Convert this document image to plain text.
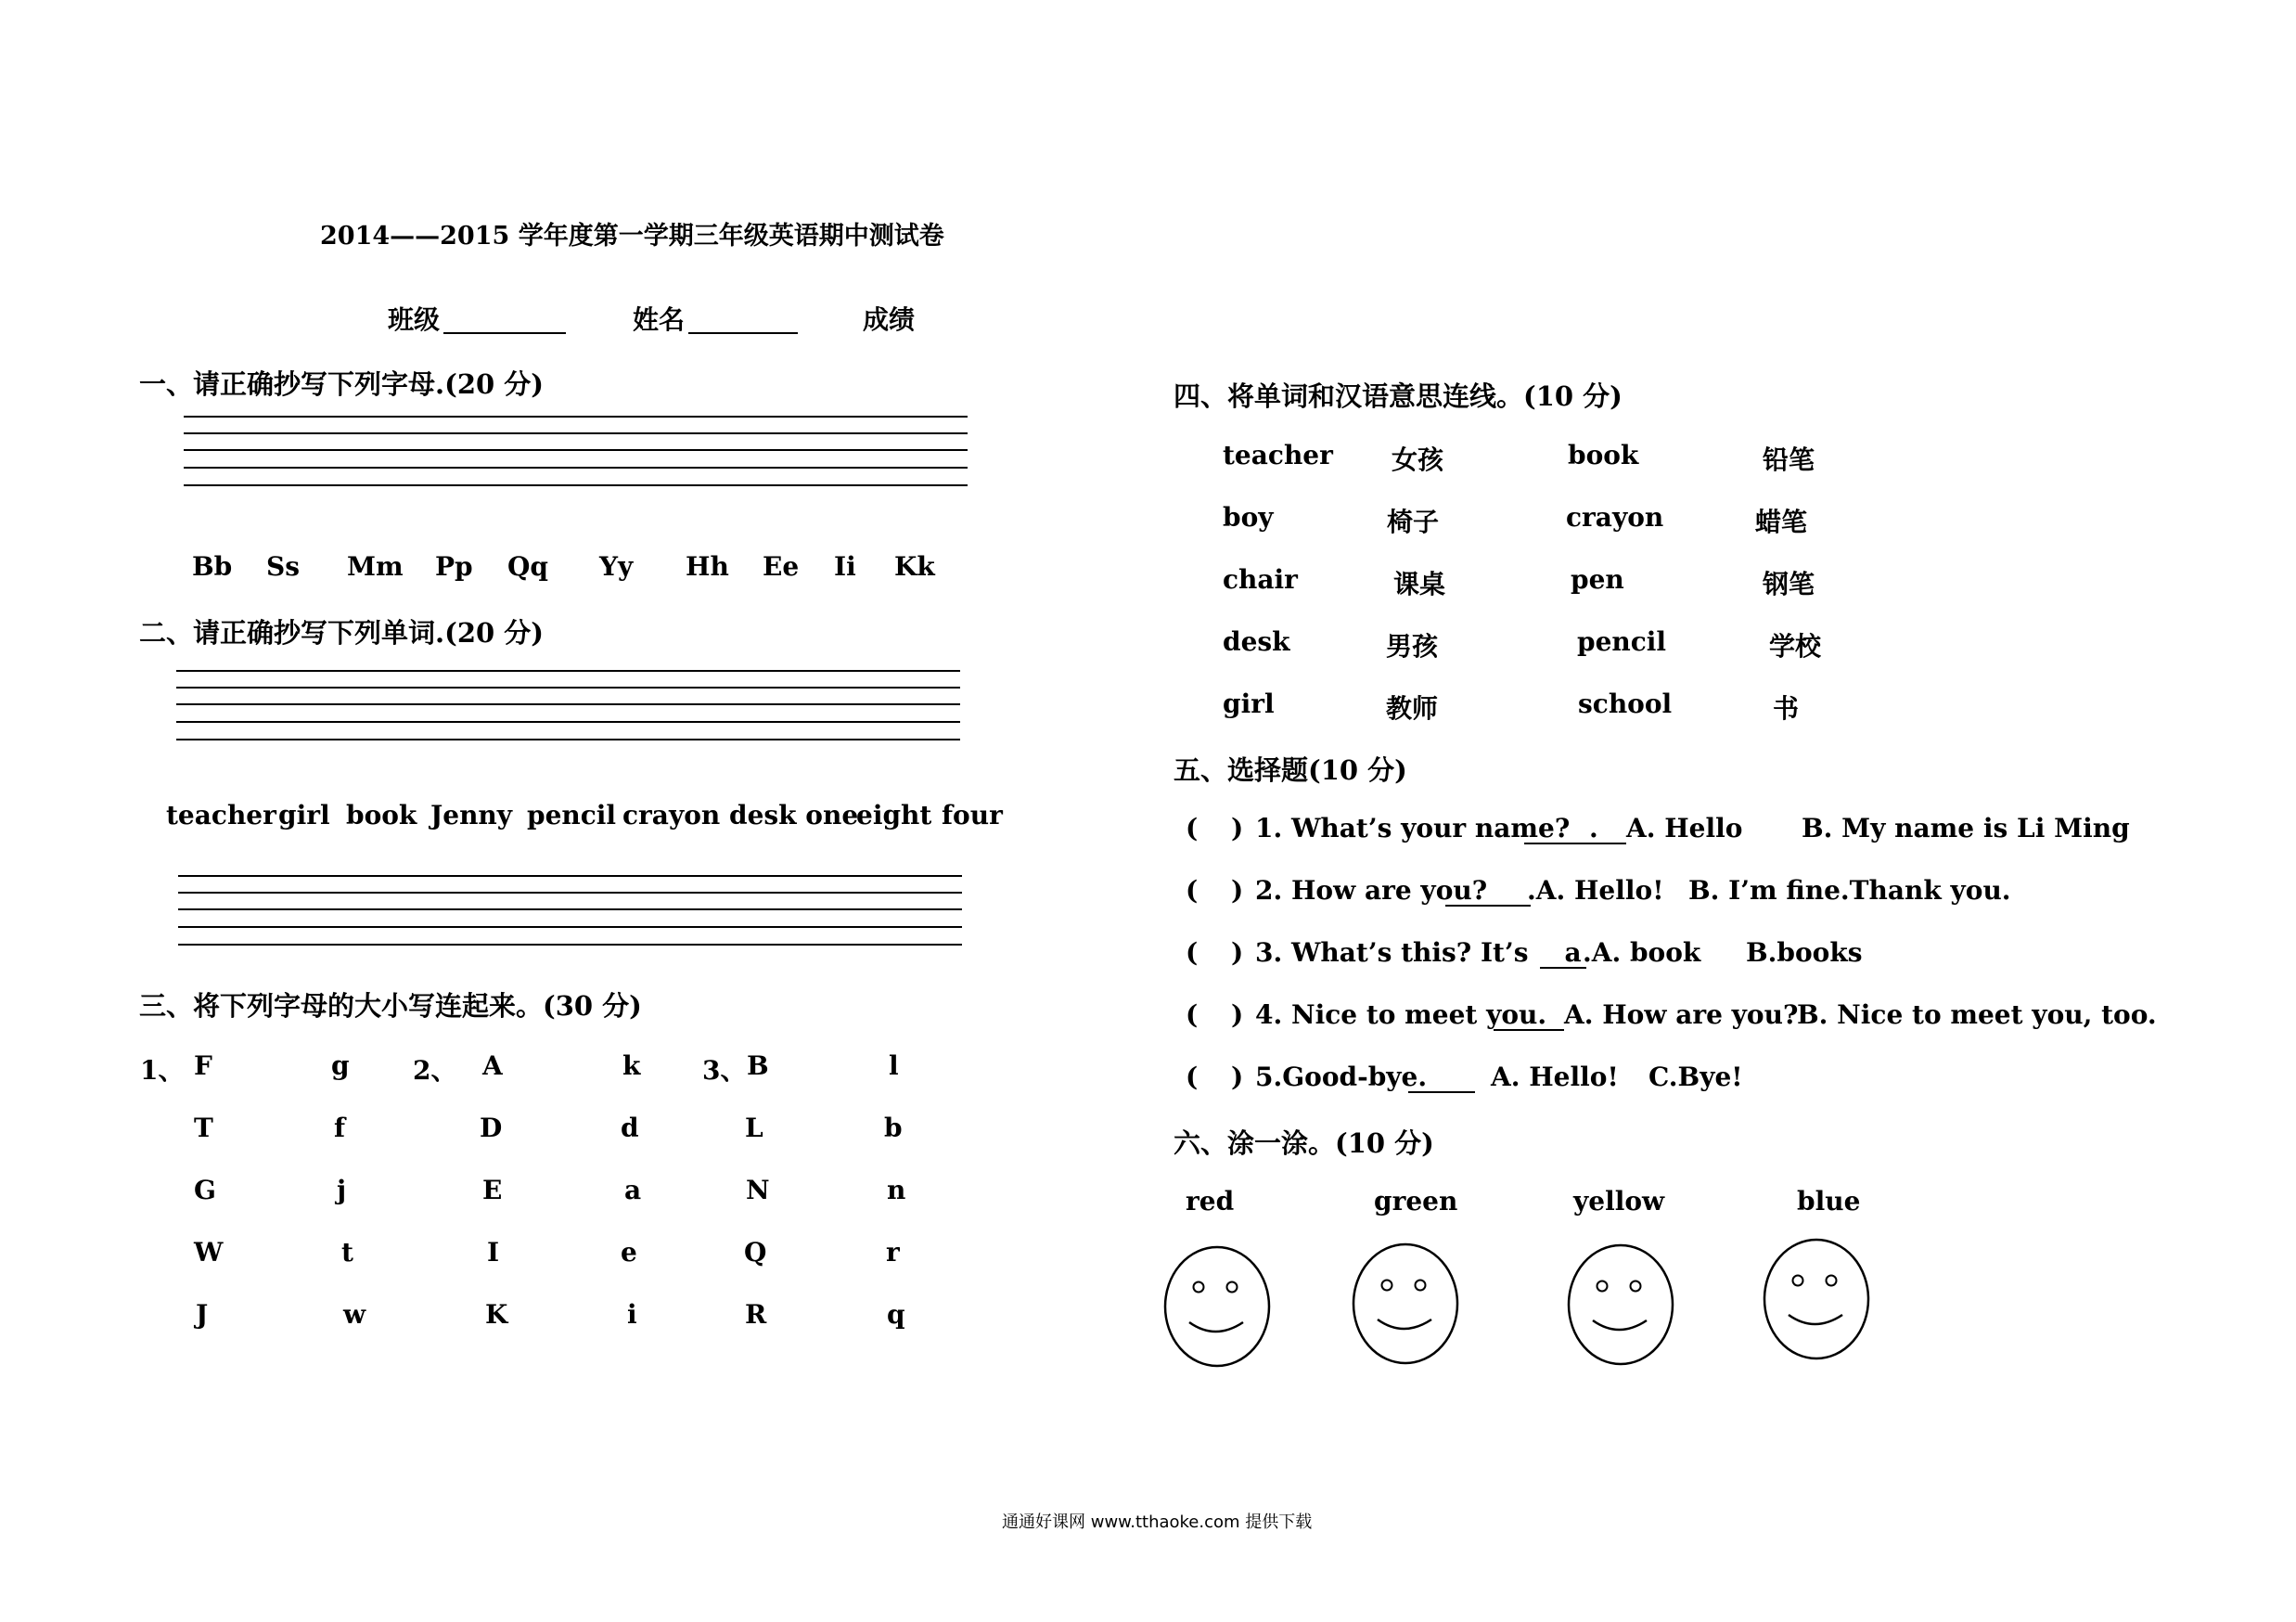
2014——2015 学年度第一学期三年级英语期中测试卷
班级	姓名	成绩
一、请正确抄写下列字母.(20 分)
Bb Ss Mm Pp Qq Yy Hh Ee Ii Kk
二、请正确抄写下列单词.(20 分)
teacher girl book Jenny pencil crayon desk one
eight four
三、将下列字母的大小写连起来。(30 分)
1、	2、	3、
F	g	A	k	B	l
T	f	D	d	L	b
G	j	E	a	N	n
W	t	I	e	Q	r
J	w	K	i	R	q
四、将单词和汉语意思连线。(10 分)
teacher 女孩	book	铅笔
boy	椅子	crayon	蜡笔
chair	课桌	pen	钢笔
desk	男孩	pencil	学校
girl	教师	school	书
五、选择题(10 分)
( ) 1. What’s your name? . A. Hello B. My name is Li Ming
( ) 2. How are you? .A. Hello! B. I’m fine.Thank you.
( ) 3. What’s this? It’s    a .A. book B.books
( ) 4. Nice to meet you. A. How are you?
B. Nice to meet you, too.
( ) 5.Good-bye. A. Hello! C.Bye!
六、涂一涂。(10 分)
red	green	yellow	blue
通通好课网 www.tthaoke.com 提供下载
